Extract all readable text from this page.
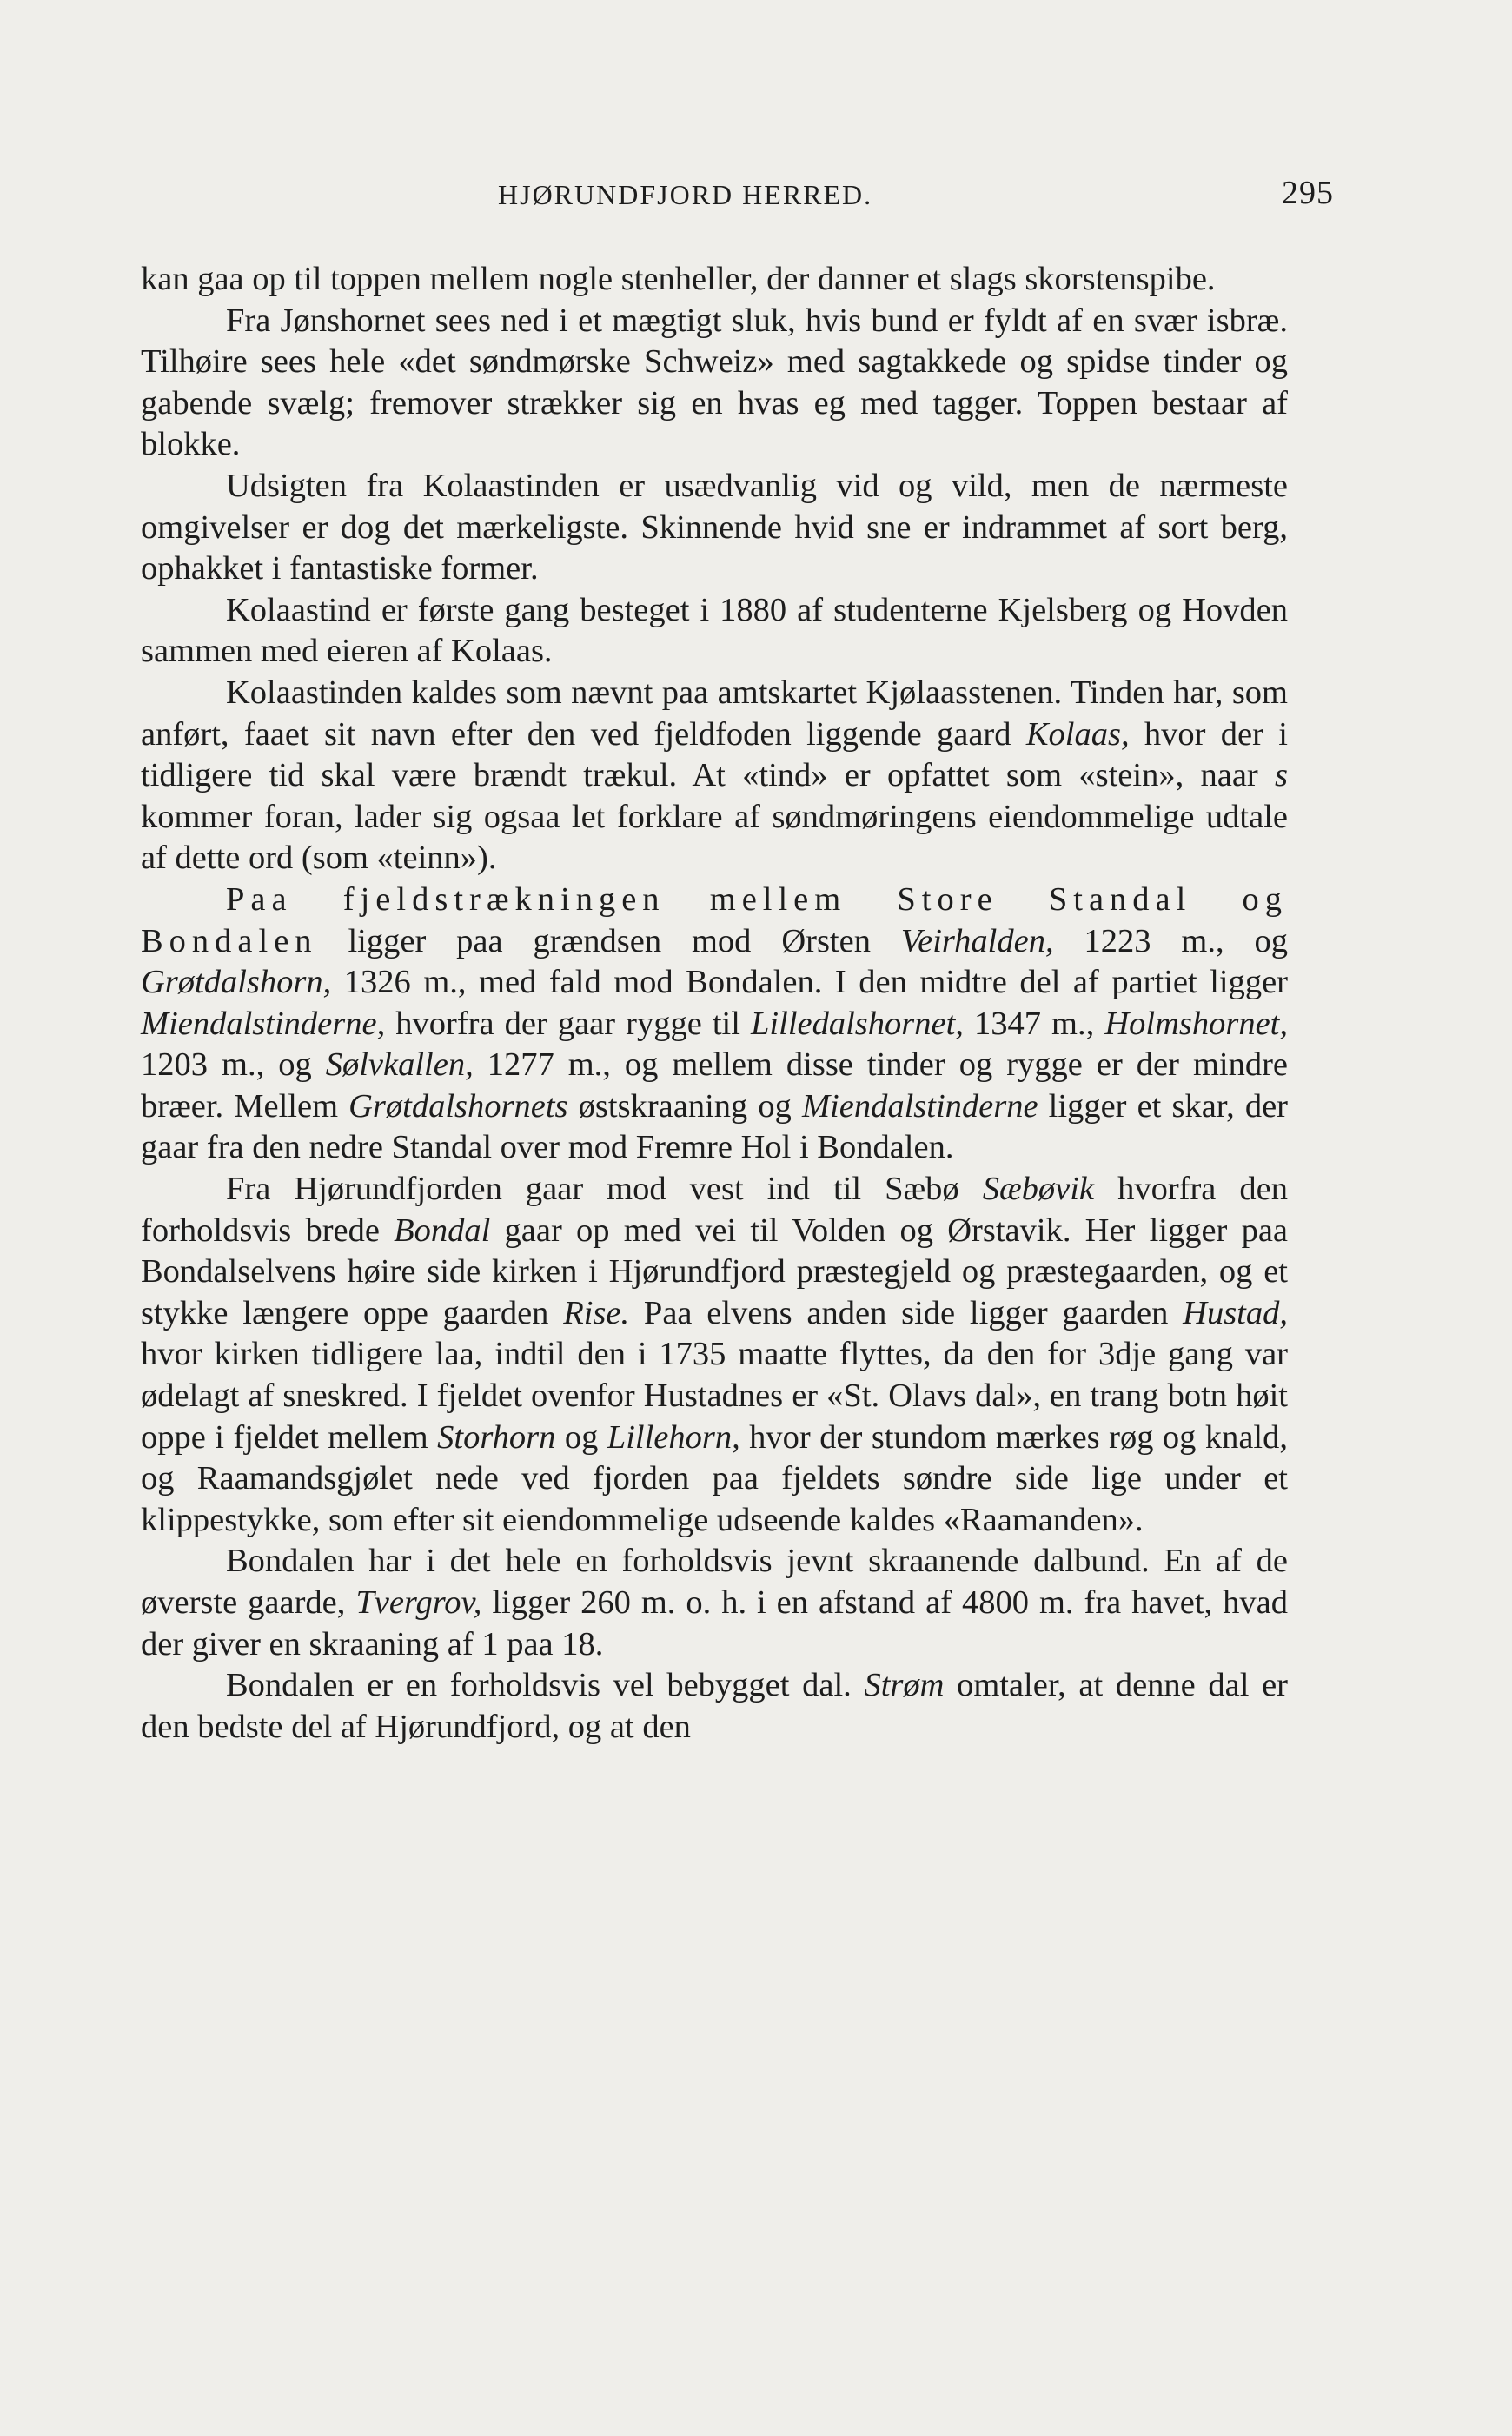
HJØRUNDFJORD HERRED.	295

kan gaa op til toppen mellem nogle stenheller, der danner et slags skorstenspibe.

Fra Jønshornet sees ned i et mægtigt sluk, hvis bund er fyldt af en svær isbræ. Tilhøire sees hele «det søndmørske Schweiz» med sagtakkede og spidse tinder og gabende svælg; fremover strækker sig en hvas eg med tagger. Toppen bestaar af blokke.

Udsigten fra Kolaastinden er usædvanlig vid og vild, men de nærmeste omgivelser er dog det mærkeligste. Skinnende hvid sne er indrammet af sort berg, ophakket i fantastiske former.

Kolaastind er første gang besteget i 1880 af studenterne Kjelsberg og Hovden sammen med eieren af Kolaas.

Kolaastinden kaldes som nævnt paa amtskartet Kjølaasstenen. Tinden har, som anført, faaet sit navn efter den ved fjeldfoden liggende gaard Kolaas, hvor der i tidligere tid skal være brændt trækul. At «tind» er opfattet som «stein», naar s kommer foran, lader sig ogsaa let forklare af søndmøringens eiendommelige udtale af dette ord (som «teinn»).

Paa fjeldstrækningen mellem Store Standal og Bondalen ligger paa grændsen mod Ørsten Veirhalden, 1223 m., og Grøtdalshorn, 1326 m., med fald mod Bondalen. I den midtre del af partiet ligger Miendalstinderne, hvorfra der gaar rygge til Lilledalshornet, 1347 m., Holmshornet, 1203 m., og Sølvkallen, 1277 m., og mellem disse tinder og rygge er der mindre bræer. Mellem Grøtdalshornets østskraaning og Miendalstinderne ligger et skar, der gaar fra den nedre Standal over mod Fremre Hol i Bondalen.

Fra Hjørundfjorden gaar mod vest ind til Sæbø Sæbøvik hvorfra den forholdsvis brede Bondal gaar op med vei til Volden og Ørstavik. Her ligger paa Bondalselvens høire side kirken i Hjørundfjord præstegjeld og præstegaarden, og et stykke længere oppe gaarden Rise. Paa elvens anden side ligger gaarden Hustad, hvor kirken tidligere laa, indtil den i 1735 maatte flyttes, da den for 3dje gang var ødelagt af sneskred. I fjeldet ovenfor Hustadnes er «St. Olavs dal», en trang botn høit oppe i fjeldet mellem Storhorn og Lillehorn, hvor der stundom mærkes røg og knald, og Raamandsgjølet nede ved fjorden paa fjeldets søndre side lige under et klippestykke, som efter sit eiendommelige udseende kaldes «Raamanden».

Bondalen har i det hele en forholdsvis jevnt skraanende dalbund. En af de øverste gaarde, Tvergrov, ligger 260 m. o. h. i en afstand af 4800 m. fra havet, hvad der giver en skraaning af 1 paa 18.

Bondalen er en forholdsvis vel bebygget dal. Strøm omtaler, at denne dal er den bedste del af Hjørundfjord, og at den
